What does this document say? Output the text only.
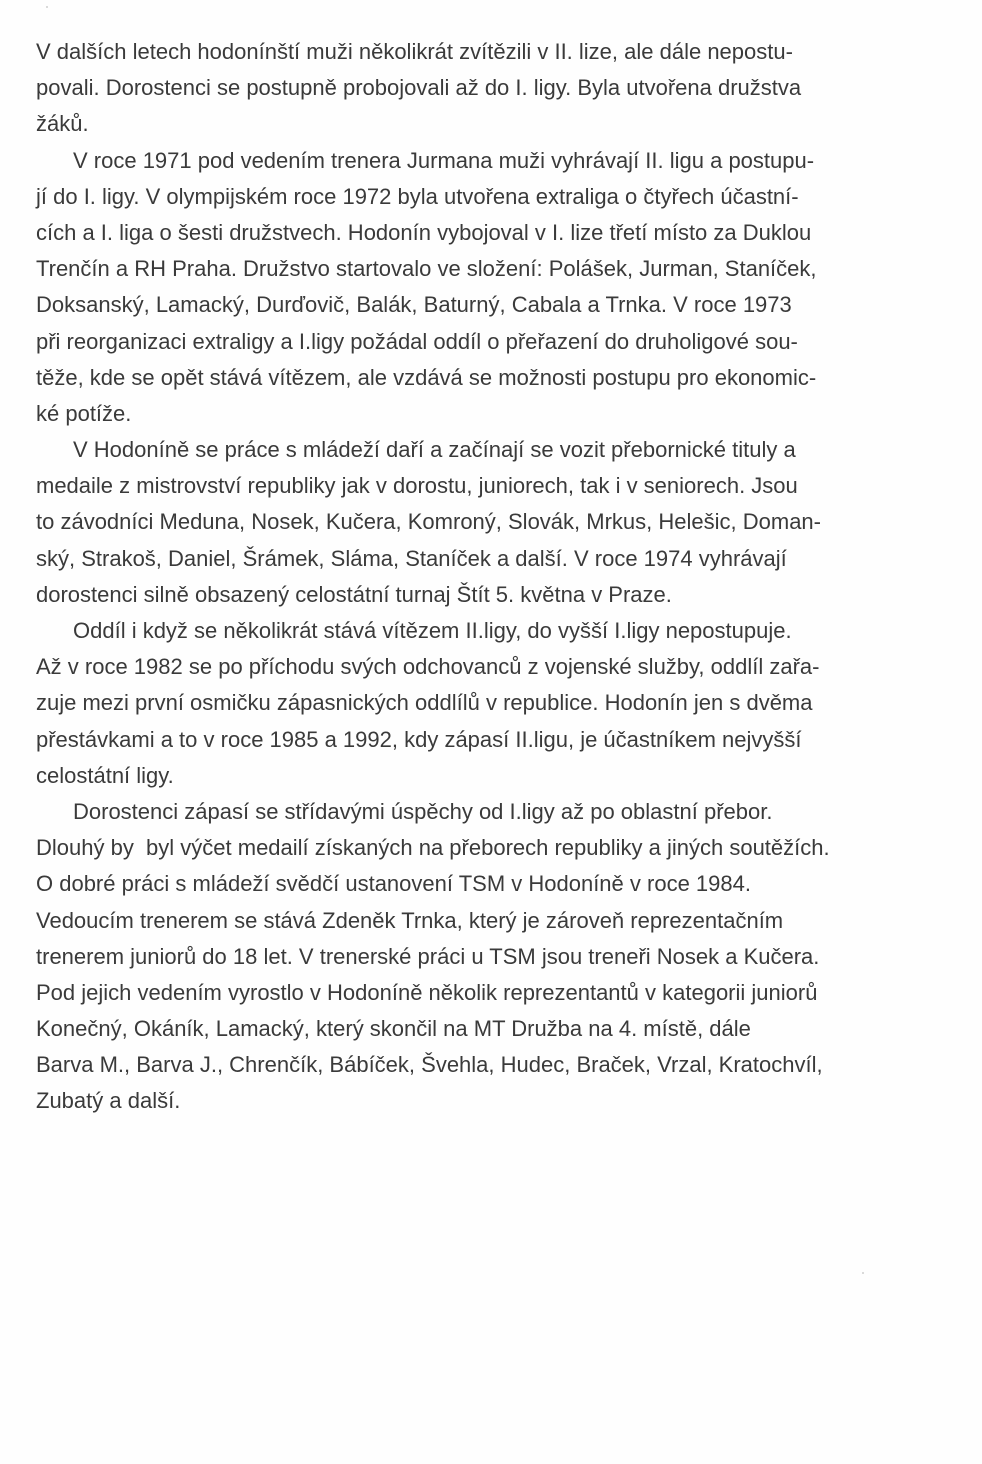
V dalších letech hodonínští muži několikrát zvítězili v II. lize, ale dále nepostu-
povali. Dorostenci se postupně probojovali až do I. ligy. Byla utvořena družstva
žáků.
V roce 1971 pod vedením trenera Jurmana muži vyhrávají II. ligu a postupu-
jí do I. ligy. V olympijském roce 1972 byla utvořena extraliga o čtyřech účastní-
cích a I. liga o šesti družstvech. Hodonín vybojoval v I. lize třetí místo za Duklou
Trenčín a RH Praha. Družstvo startovalo ve složení: Polášek, Jurman, Staníček,
Doksanský, Lamacký, Durďovič, Balák, Baturný, Cabala a Trnka. V roce 1973
při reorganizaci extraligy a I.ligy požádal oddíl o přeřazení do druholigové sou-
těže, kde se opět stává vítězem, ale vzdává se možnosti postupu pro ekonomic-
ké potíže.
V Hodoníně se práce s mládeží daří a začínají se vozit přebornické tituly a
medaile z mistrovství republiky jak v dorostu, juniorech, tak i v seniorech. Jsou
to závodníci Meduna, Nosek, Kučera, Komroný, Slovák, Mrkus, Helešic, Doman-
ský, Strakoš, Daniel, Šrámek, Sláma, Staníček a další. V roce 1974 vyhrávají
dorostenci silně obsazený celostátní turnaj Štít 5. května v Praze.
Oddíl i když se několikrát stává vítězem II.ligy, do vyšší I.ligy nepostupuje.
Až v roce 1982 se po příchodu svých odchovanců z vojenské služby, oddlíl zařa-
zuje mezi první osmičku zápasnických oddlílů v republice. Hodonín jen s dvěma
přestávkami a to v roce 1985 a 1992, kdy zápasí II.ligu, je účastníkem nejvyšší
celostátní ligy.
Dorostenci zápasí se střídavými úspěchy od I.ligy až po oblastní přebor.
Dlouhý by  byl výčet medailí získaných na přeborech republiky a jiných soutěžích.
O dobré práci s mládeží svědčí ustanovení TSM v Hodoníně v roce 1984.
Vedoucím trenerem se stává Zdeněk Trnka, který je zároveň reprezentačním
trenerem juniorů do 18 let. V trenerské práci u TSM jsou treneři Nosek a Kučera.
Pod jejich vedením vyrostlo v Hodoníně několik reprezentantů v kategorii juniorů
Konečný, Okáník, Lamacký, který skončil na MT Družba na 4. místě, dále
Barva M., Barva J., Chrenčík, Bábíček, Švehla, Hudec, Braček, Vrzal, Kratochvíl,
Zubatý a další.
